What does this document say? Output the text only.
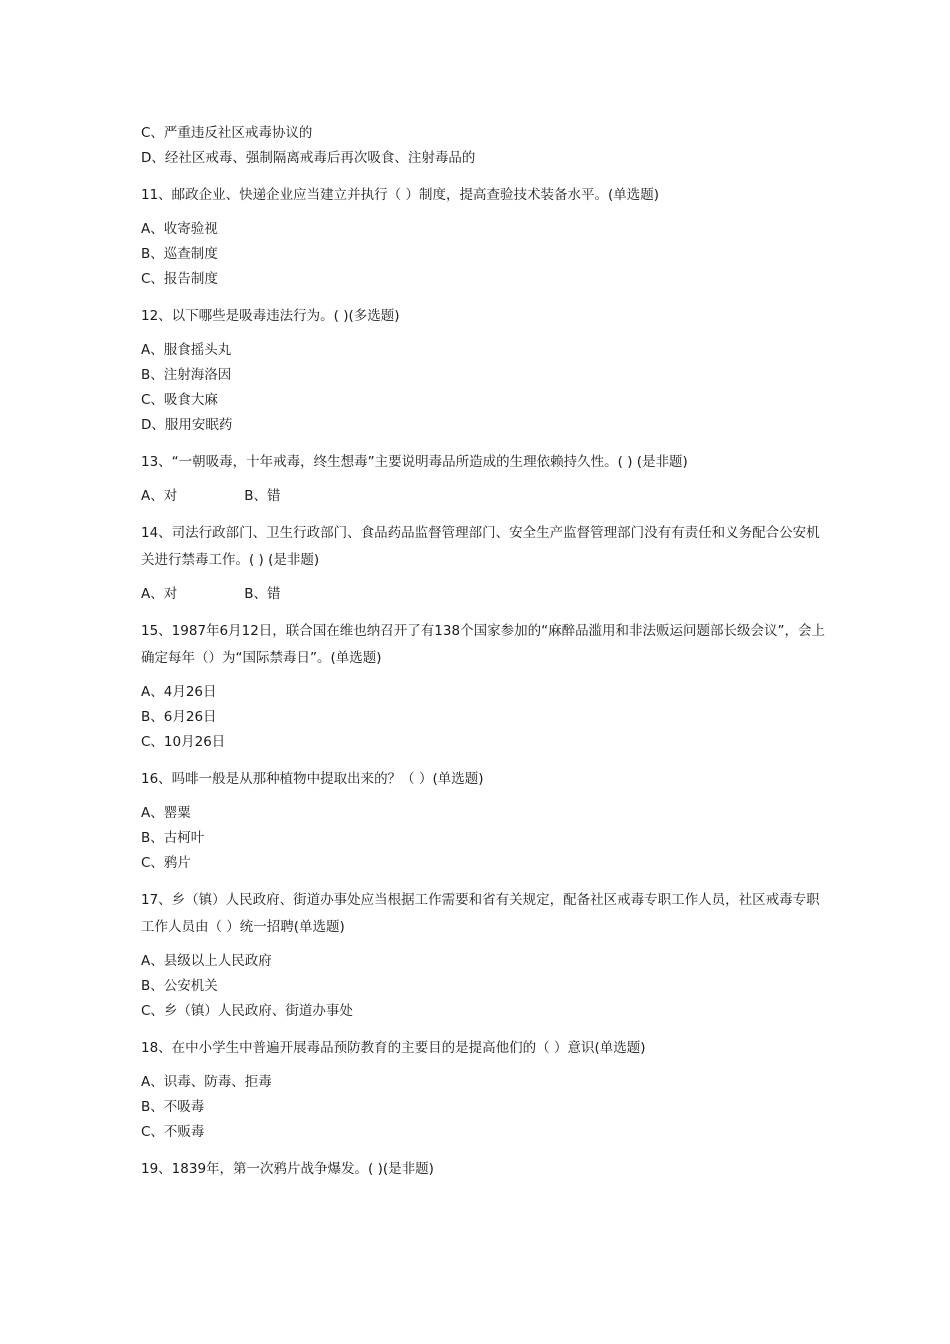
C、严重违反社区戒毒协议的
D、经社区戒毒、强制隔离戒毒后再次吸食、注射毒品的
11、邮政企业、快递企业应当建立并执行（ ）制度，提高查验技术装备水平。(单选题)
A、收寄验视
B、巡查制度
C、报告制度
12、以下哪些是吸毒违法行为。( )(多选题)
A、服食摇头丸
B、注射海洛因
C、吸食大麻
D、服用安眠药
13、“一朝吸毒，十年戒毒，终生想毒”主要说明毒品所造成的生理依赖持久性。( ) (是非题)
A、对	B、错
14、司法行政部门、卫生行政部门、食品药品监督管理部门、安全生产监督管理部门没有有责任和义务配合公安机关进行禁毒工作。( ) (是非题)
A、对	B、错
15、1987年6月12日，联合国在维也纳召开了有138个国家参加的“麻醉品滥用和非法贩运问题部长级会议”，会上确定每年（）为“国际禁毒日”。(单选题)
A、4月26日
B、6月26日
C、10月26日
16、吗啡一般是从那种植物中提取出来的？（ ）(单选题)
A、罂粟
B、古柯叶
C、鸦片
17、乡（镇）人民政府、街道办事处应当根据工作需要和省有关规定，配备社区戒毒专职工作人员，社区戒毒专职工作人员由（ ）统一招聘(单选题)
A、县级以上人民政府
B、公安机关
C、乡（镇）人民政府、街道办事处
18、在中小学生中普遍开展毒品预防教育的主要目的是提高他们的（ ）意识(单选题)
A、识毒、防毒、拒毒
B、不吸毒
C、不贩毒
19、1839年，第一次鸦片战争爆发。( )(是非题)
